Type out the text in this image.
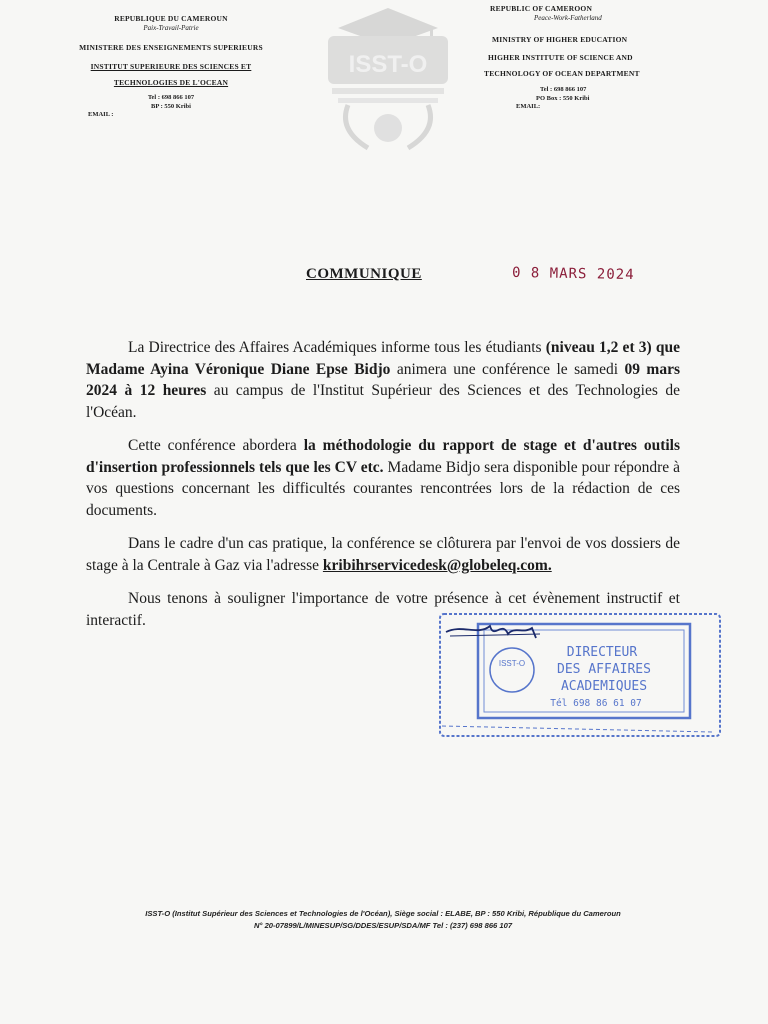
REPUBLIQUE DU CAMEROUN
Paix-Travail-Patrie
MINISTERE DES ENSEIGNEMENTS SUPERIEURS
INSTITUT SUPERIEURE DES SCIENCES ET
TECHNOLOGIES DE L'OCEAN
Tel : 698 866 107
BP : 550 Kribi
EMAIL :
ISST-O
REPUBLIC OF CAMEROON
Peace-Work-Fatherland
MINISTRY OF HIGHER EDUCATION
HIGHER INSTITUTE OF SCIENCE AND
TECHNOLOGY OF OCEAN DEPARTMENT
Tel : 698 866 107
PO Box : 550 Kribi
EMAIL:
COMMUNIQUE	0 8 MARS 2024

La Directrice des Affaires Académiques informe tous les étudiants (niveau 1,2 et 3) que Madame Ayina Véronique Diane Epse Bidjo animera une conférence le samedi 09 mars 2024 à 12 heures au campus de l'Institut Supérieur des Sciences et des Technologies de l'Océan.

Cette conférence abordera la méthodologie du rapport de stage et d'autres outils d'insertion professionnels tels que les CV etc. Madame Bidjo sera disponible pour répondre à vos questions concernant les difficultés courantes rencontrées lors de la rédaction de ces documents.

Dans le cadre d'un cas pratique, la conférence se clôturera par l'envoi de vos dossiers de stage à la Centrale à Gaz via l'adresse kribihrservicedesk@globeleq.com.

Nous tenons à souligner l'importance de votre présence à cet évènement instructif et interactif.

ISST-O
DIRECTEUR
DES AFFAIRES
ACADEMIQUES
Tél 698 86 61 07
ISST-O (Institut Supérieur des Sciences et Technologies de l'Océan), Siège social : ELABE, BP : 550 Kribi, République du Cameroun
N° 20-07899/L/MINESUP/SG/DDES/ESUP/SDA/MF Tel : (237) 698 866 107
